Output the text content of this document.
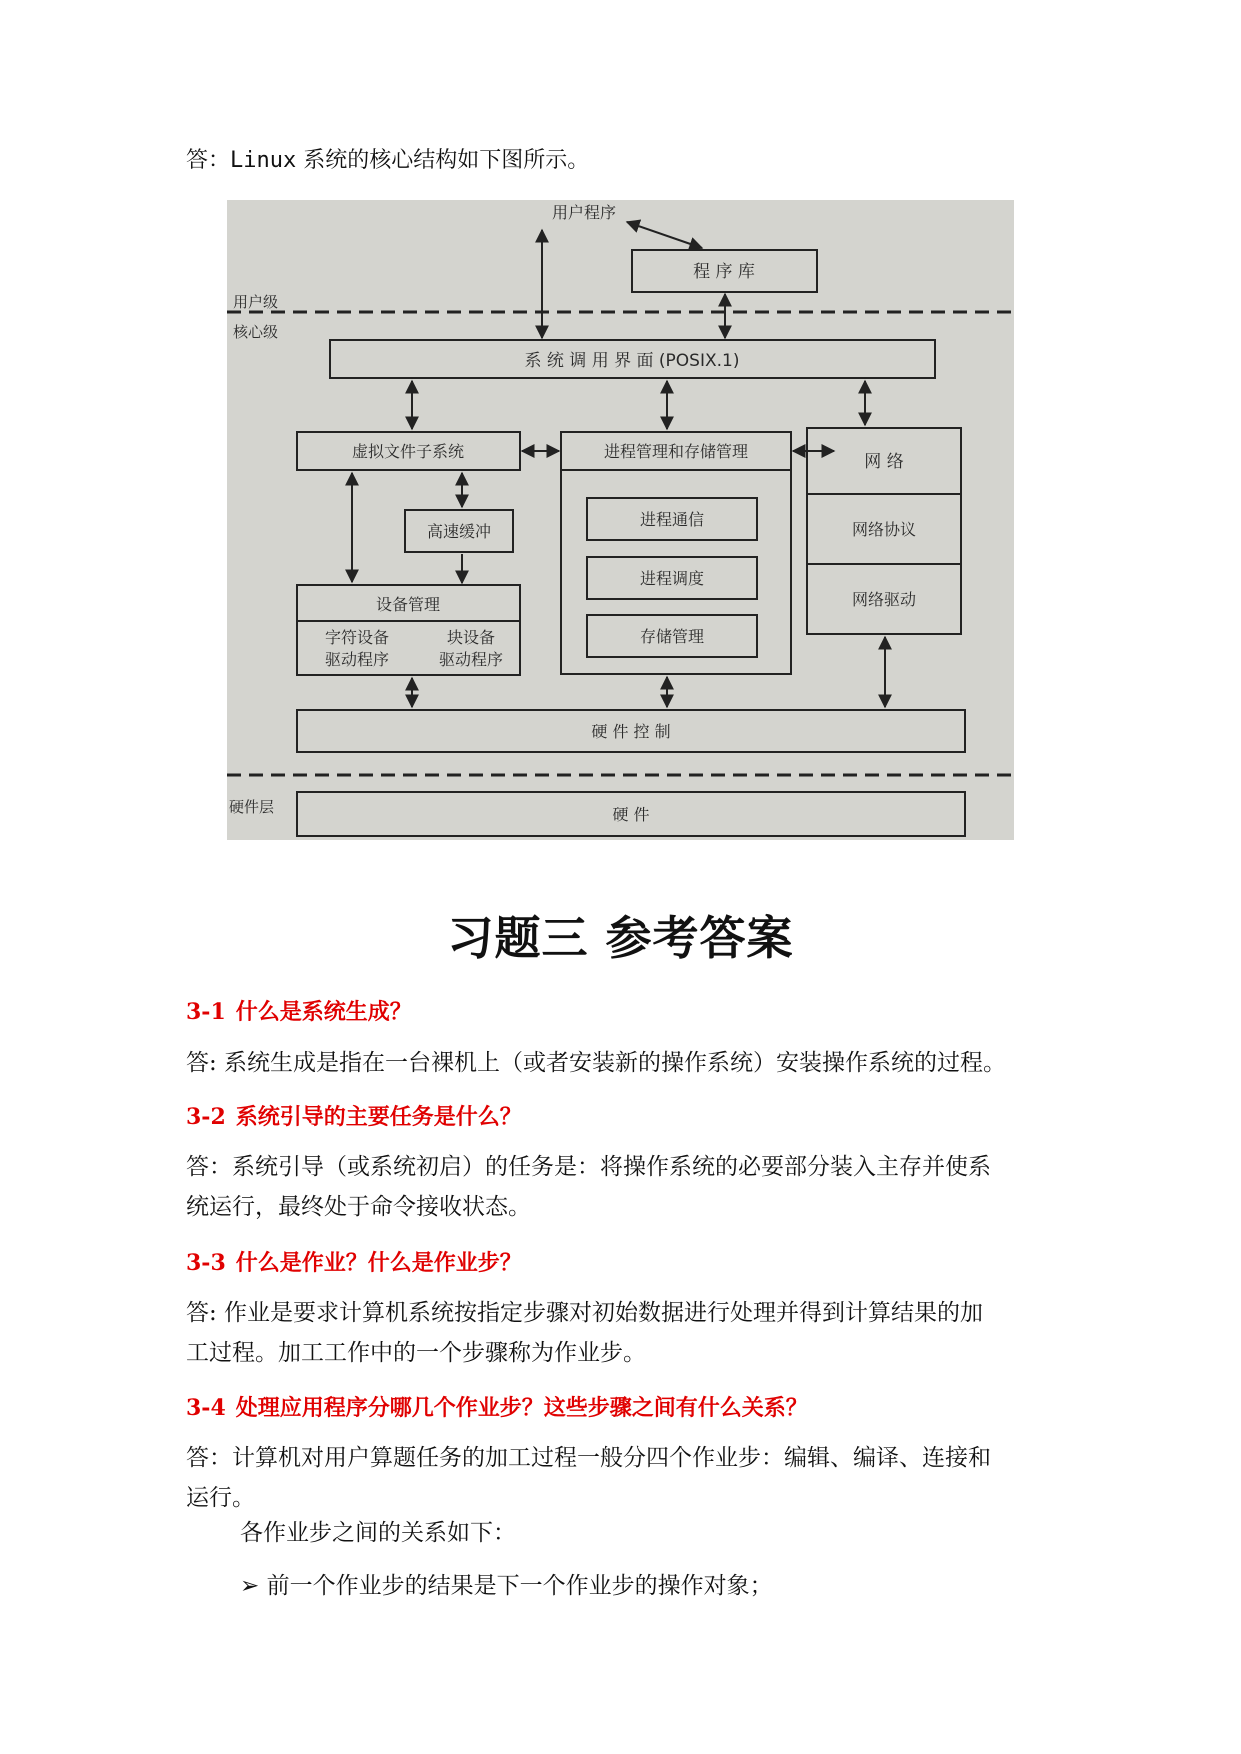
答：Linux 系统的核心结构如下图所示。
用户级
核心级
硬件层
用户程序
程 序 库
系 统 调 用 界 面 (POSIX.1)
虚拟文件子系统	进程管理和存储管理
网 络
高速缓冲
进程通信
进程调度
存储管理
网络协议
网络驱动
设备管理
字符设备
驱动程序
块设备
驱动程序
硬 件 控 制
硬 件
习题三 参考答案
3-1 什么是系统生成？
答: 系统生成是指在一台裸机上（或者安装新的操作系统）安装操作系统的过程。
3-2 系统引导的主要任务是什么？
答：系统引导（或系统初启）的任务是：将操作系统的必要部分装入主存并使系
统运行，最终处于命令接收状态。
3-3 什么是作业？什么是作业步？
答: 作业是要求计算机系统按指定步骤对初始数据进行处理并得到计算结果的加
工过程。加工工作中的一个步骤称为作业步。
3-4 处理应用程序分哪几个作业步？这些步骤之间有什么关系？
答：计算机对用户算题任务的加工过程一般分四个作业步：编辑、编译、连接和
运行。
各作业步之间的关系如下：
➢ 前一个作业步的结果是下一个作业步的操作对象；
